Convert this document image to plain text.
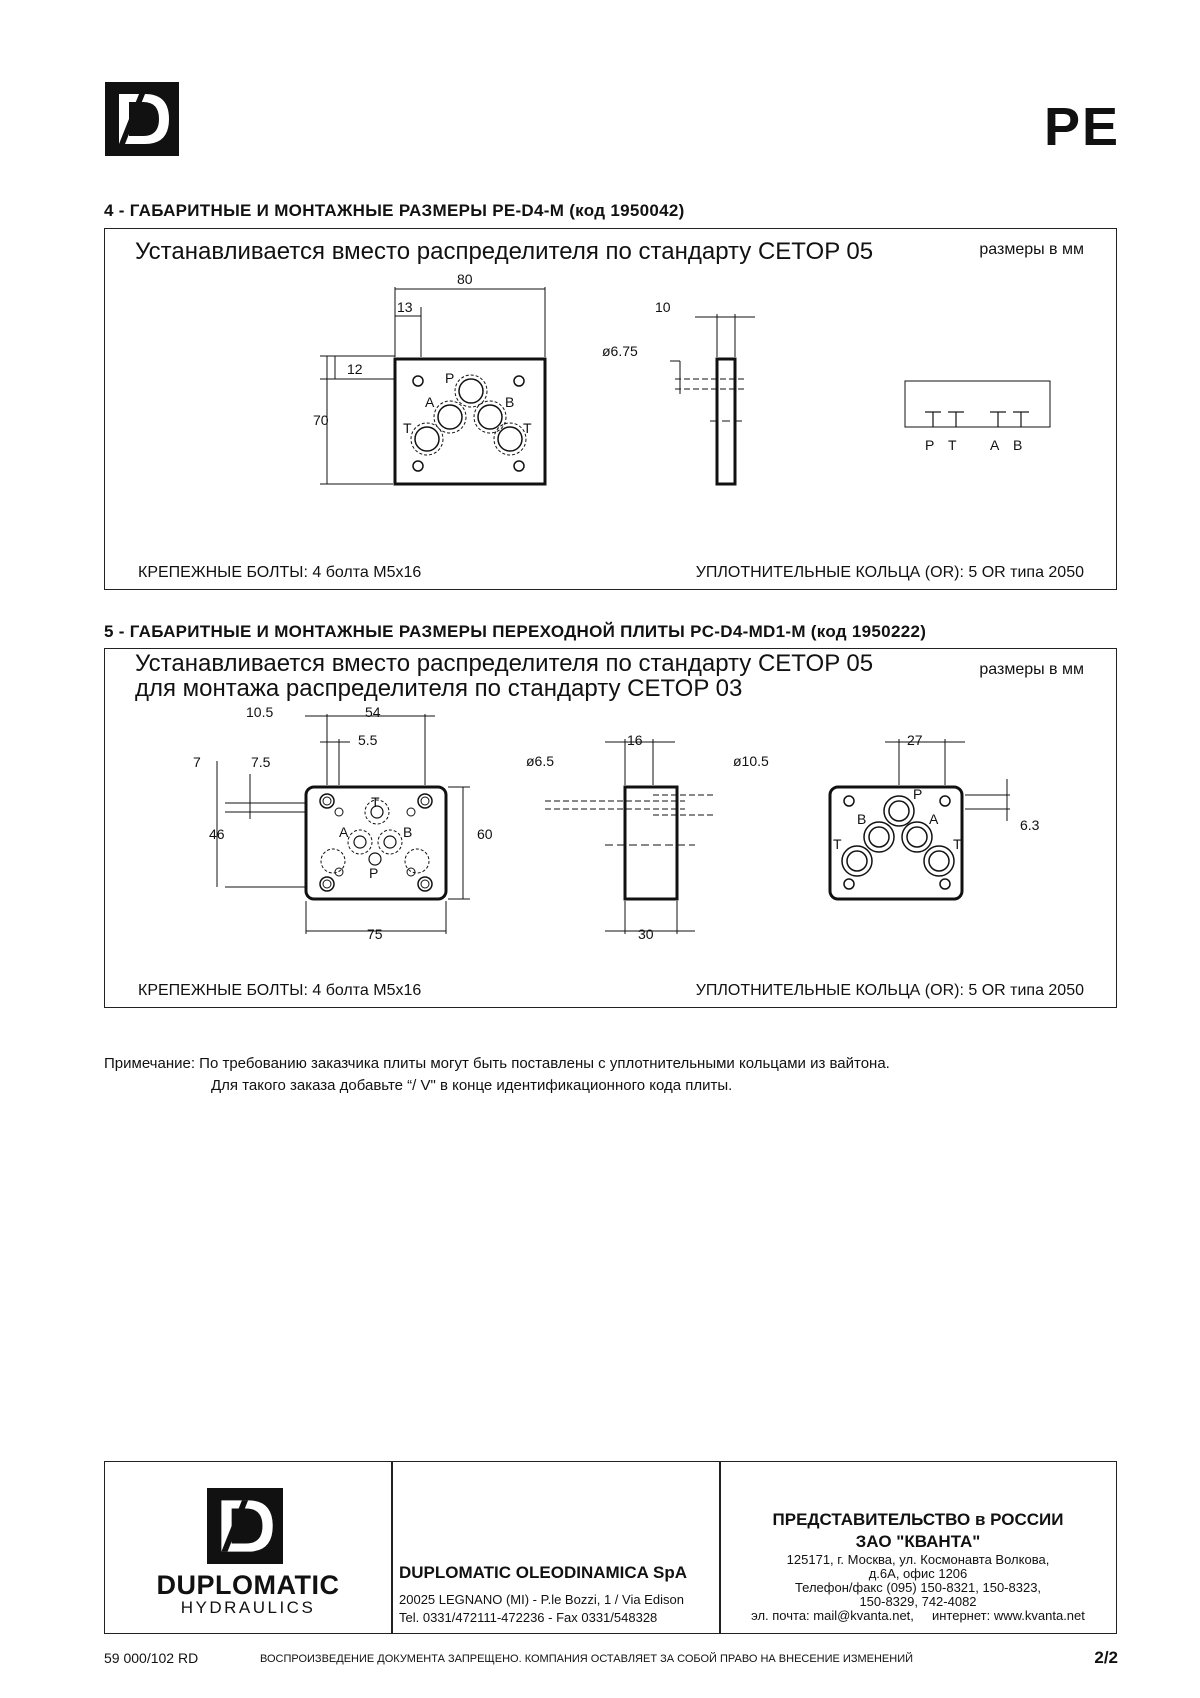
PE
4 - ГАБАРИТНЫЕ И МОНТАЖНЫЕ РАЗМЕРЫ PE-D4-M (код 1950042)
Устанавливается вместо распределителя по стандарту CETOP 05	размеры в мм
КРЕПЕЖНЫЕ БОЛТЫ: 4 болта M5x16	УПЛОТНИТЕЛЬНЫЕ КОЛЬЦА (OR): 5 OR типа 2050
80
13
12
70
10
ø6.75
P
A	B
T	T
P T A B
5 - ГАБАРИТНЫЕ И МОНТАЖНЫЕ РАЗМЕРЫ ПЕРЕХОДНОЙ ПЛИТЫ PC-D4-MD1-M (код 1950222)
Устанавливается вместо распределителя по стандарту CETOP 05
для монтажа распределителя по стандарту CETOP 03
размеры в мм
КРЕПЕЖНЫЕ БОЛТЫ: 4 болта M5x16	УПЛОТНИТЕЛЬНЫЕ КОЛЬЦА (OR): 5 OR типа 2050
10.5	54
5.5
7	7.5
46	60
75
16
ø6.5	ø10.5
30
27
6.3
T
A	B
P
P
B	A
T	T
Примечание: По требованию заказчика плиты могут быть поставлены с уплотнительными кольцами из вайтона.
Для такого заказа добавьте “/ V" в конце идентификационного кода плиты.
DUPLOMATIC
HYDRAULICS
DUPLOMATIC OLEODINAMICA SpA
20025 LEGNANO (MI) - P.le Bozzi, 1 / Via Edison
Tel. 0331/472111-472236 - Fax 0331/548328
ПРЕДСТАВИТЕЛЬСТВО в РОССИИ
ЗАО "КВАНТА"
125171, г. Москва, ул. Космонавта Волкова,
д.6А, офис 1206
Телефон/факс (095) 150-8321, 150-8323,
150-8329, 742-4082
эл. почта: mail@kvanta.net, интернет: www.kvanta.net
59 000/102 RD	ВОСПРОИЗВЕДЕНИЕ ДОКУМЕНТА ЗАПРЕЩЕНО. КОМПАНИЯ ОСТАВЛЯЕТ ЗА СОБОЙ ПРАВО НА ВНЕСЕНИЕ ИЗМЕНЕНИЙ	2/2
